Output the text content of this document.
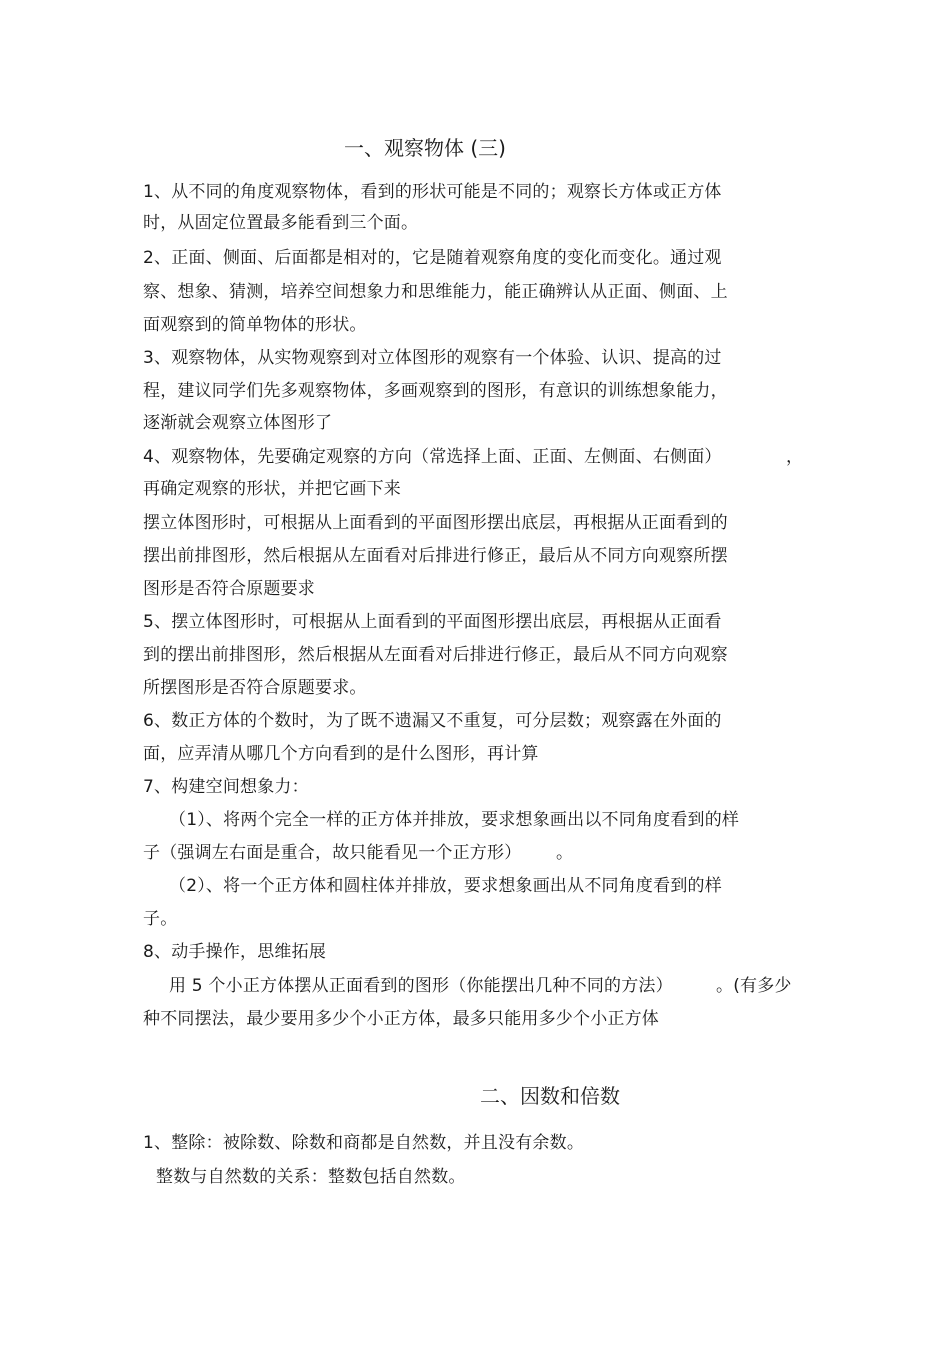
一、观察物体 (三)
1、从不同的角度观察物体，看到的形状可能是不同的；观察长方体或正方体
时，从固定位置最多能看到三个面。
2、正面、侧面、后面都是相对的，它是随着观察角度的变化而变化。通过观
察、想象、猜测，培养空间想象力和思维能力，能正确辨认从正面、侧面、上
面观察到的简单物体的形状。
3、观察物体，从实物观察到对立体图形的观察有一个体验、认识、提高的过
程，建议同学们先多观察物体，多画观察到的图形，有意识的训练想象能力，
逐渐就会观察立体图形了
4、观察物体，先要确定观察的方向（常选择上面、正面、左侧面、右侧面）	，
再确定观察的形状，并把它画下来
摆立体图形时，可根据从上面看到的平面图形摆出底层，再根据从正面看到的
摆出前排图形，然后根据从左面看对后排进行修正，最后从不同方向观察所摆
图形是否符合原题要求
5、摆立体图形时，可根据从上面看到的平面图形摆出底层，再根据从正面看
到的摆出前排图形，然后根据从左面看对后排进行修正，最后从不同方向观察
所摆图形是否符合原题要求。
6、数正方体的个数时，为了既不遗漏又不重复，可分层数；观察露在外面的
面，应弄清从哪几个方向看到的是什么图形，再计算
7、构建空间想象力：
（1）、将两个完全一样的正方体并排放，要求想象画出以不同角度看到的样
子（强调左右面是重合，故只能看见一个正方形） 。
（2）、将一个正方体和圆柱体并排放，要求想象画出从不同角度看到的样
子。
8、动手操作，思维拓展
用 5 个小正方体摆从正面看到的图形（你能摆出几种不同的方法）	。(有多少
种不同摆法，最少要用多少个小正方体，最多只能用多少个小正方体
二、因数和倍数
1、整除：被除数、除数和商都是自然数，并且没有余数。
整数与自然数的关系：整数包括自然数。
